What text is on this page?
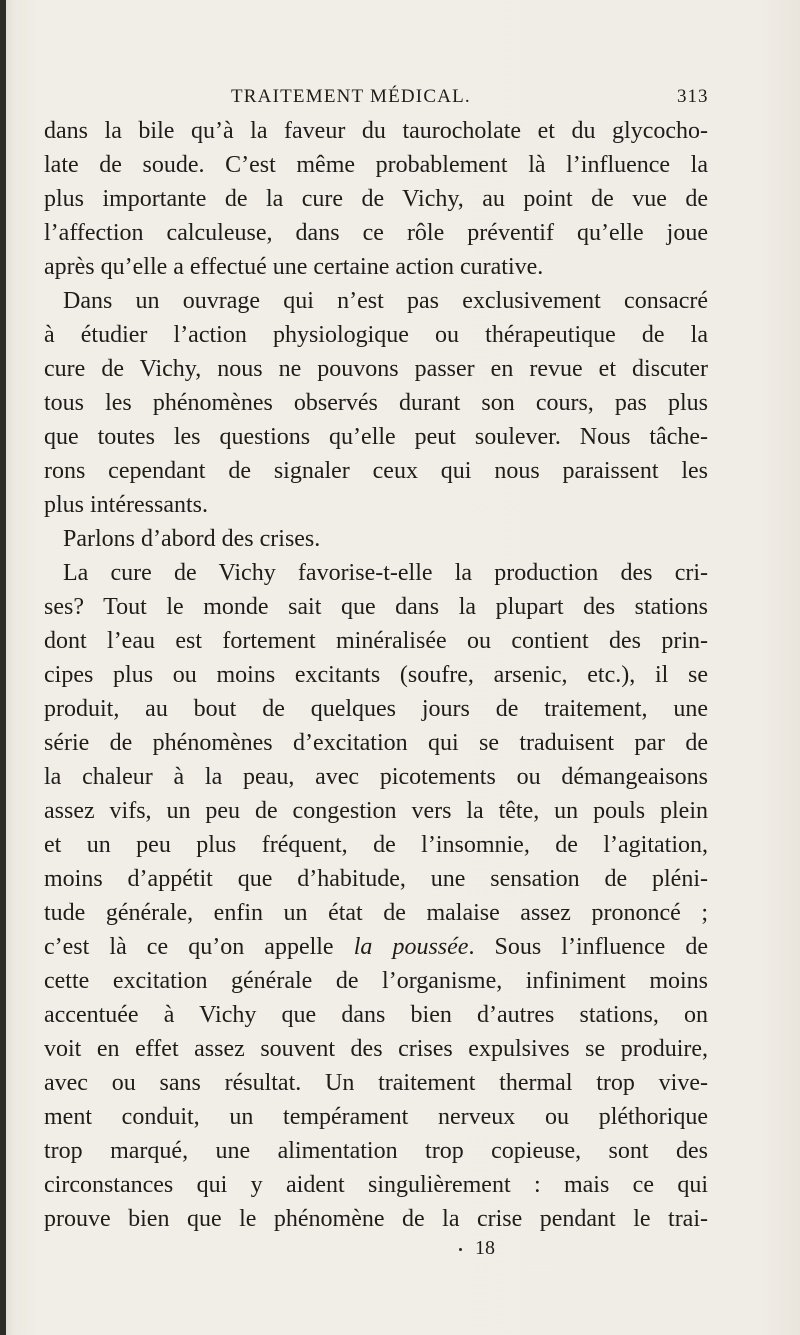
TRAITEMENT MÉDICAL.	313
dans la bile qu’à la faveur du taurocholate et du glycocho-
late de soude. C’est même probablement là l’influence la
plus importante de la cure de Vichy, au point de vue de
l’affection calculeuse, dans ce rôle préventif qu’elle joue
après qu’elle a effectué une certaine action curative.
Dans un ouvrage qui n’est pas exclusivement consacré
à étudier l’action physiologique ou thérapeutique de la
cure de Vichy, nous ne pouvons passer en revue et discuter
tous les phénomènes observés durant son cours, pas plus
que toutes les questions qu’elle peut soulever. Nous tâche-
rons cependant de signaler ceux qui nous paraissent les
plus intéressants.
Parlons d’abord des crises.
La cure de Vichy favorise-t-elle la production des cri-
ses? Tout le monde sait que dans la plupart des stations
dont l’eau est fortement minéralisée ou contient des prin-
cipes plus ou moins excitants (soufre, arsenic, etc.), il se
produit, au bout de quelques jours de traitement, une
série de phénomènes d’excitation qui se traduisent par de
la chaleur à la peau, avec picotements ou démangeaisons
assez vifs, un peu de congestion vers la tête, un pouls plein
et un peu plus fréquent, de l’insomnie, de l’agitation,
moins d’appétit que d’habitude, une sensation de pléni-
tude générale, enfin un état de malaise assez prononcé ;
c’est là ce qu’on appelle la poussée. Sous l’influence de
cette excitation générale de l’organisme, infiniment moins
accentuée à Vichy que dans bien d’autres stations, on
voit en effet assez souvent des crises expulsives se produire,
avec ou sans résultat. Un traitement thermal trop vive-
ment conduit, un tempérament nerveux ou pléthorique
trop marqué, une alimentation trop copieuse, sont des
circonstances qui y aident singulièrement : mais ce qui
prouve bien que le phénomène de la crise pendant le trai-
18
